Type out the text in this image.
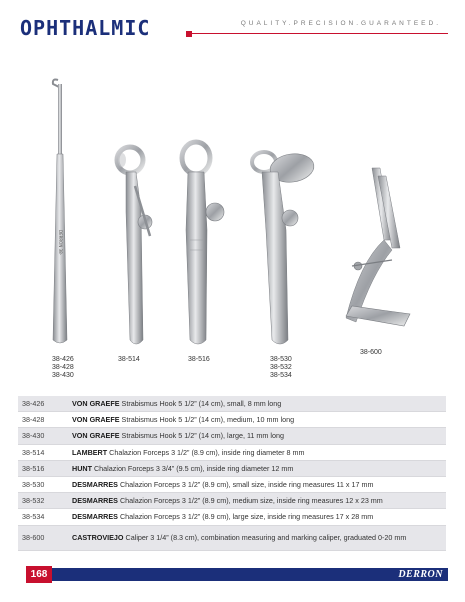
OPHTHALMIC	QUALITY.PRECISION.GUARANTEED.
DERRON 38-
38-426
38-428
38-430
38-514	38-516	38-530
38-532
38-534
38-600
38-426	VON GRAEFE Strabismus Hook 5 1/2” (14 cm), small, 8 mm long
38-428	VON GRAEFE Strabismus Hook 5 1/2” (14 cm), medium, 10 mm long
38-430	VON GRAEFE Strabismus Hook 5 1/2” (14 cm), large, 11 mm long
38-514	LAMBERT Chalazion Forceps 3 1/2” (8.9 cm), inside ring diameter 8 mm
38-516	HUNT Chalazion Forceps 3 3/4” (9.5 cm), inside ring diameter 12 mm
38-530	DESMARRES Chalazion Forceps 3 1/2” (8.9 cm), small size, inside ring measures 11 x 17 mm
38-532	DESMARRES Chalazion Forceps 3 1/2” (8.9 cm), medium size, inside ring measures 12 x 23 mm
38-534	DESMARRES Chalazion Forceps 3 1/2” (8.9 cm), large size, inside ring measures 17 x 28 mm
38-600	CASTROVIEJO Caliper 3 1/4” (8.3 cm), combination measuring and marking caliper, graduated 0-20 mm
168	DERRON
